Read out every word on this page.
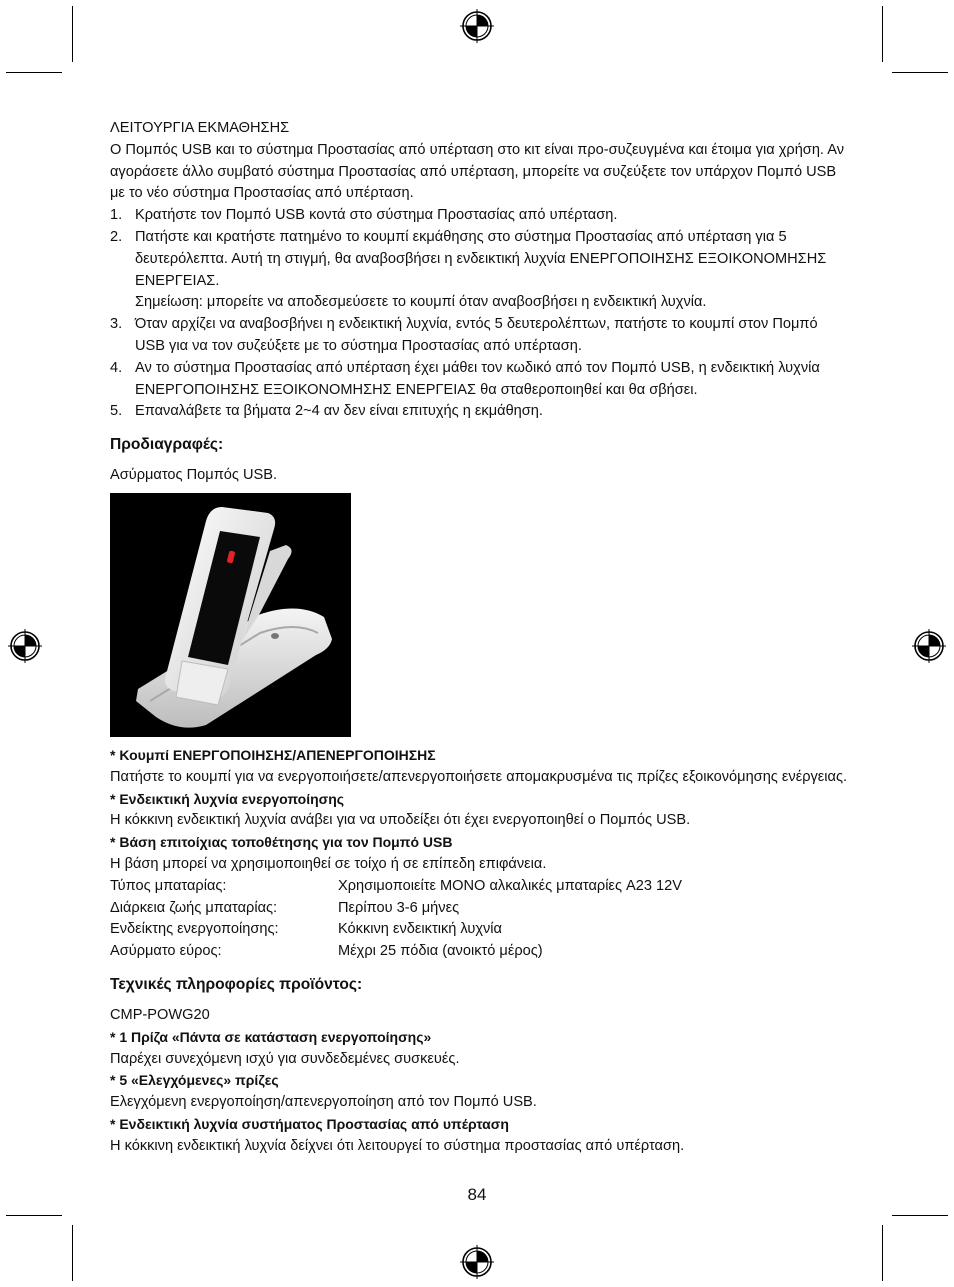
ΛΕΙΤΟΥΡΓΙΑ ΕΚΜΑΘΗΣΗΣ

Ο Πομπός USB και το σύστημα Προστασίας από υπέρταση στο κιτ είναι προ-συζευγμένα και έτοιμα για χρήση. Αν αγοράσετε άλλο συμβατό σύστημα Προστασίας από υπέρταση, μπορείτε να συζεύξετε τον υπάρχον Πομπό USB με το νέο σύστημα Προστασίας από υπέρταση.

1. Κρατήστε τον Πομπό USB κοντά στο σύστημα Προστασίας από υπέρταση.
2. Πατήστε και κρατήστε πατημένο το κουμπί εκμάθησης στο σύστημα Προστασίας από υπέρταση για 5 δευτερόλεπτα. Αυτή τη στιγμή, θα αναβοσβήσει η ενδεικτική λυχνία ΕΝΕΡΓΟΠΟΙΗΣΗΣ ΕΞΟΙΚΟΝΟΜΗΣΗΣ ΕΝΕΡΓΕΙΑΣ.
Σημείωση: μπορείτε να αποδεσμεύσετε το κουμπί όταν αναβοσβήσει η ενδεικτική λυχνία.
3. Όταν αρχίζει να αναβοσβήνει η ενδεικτική λυχνία, εντός 5 δευτερολέπτων, πατήστε το κουμπί στον Πομπό USB για να τον συζεύξετε με το σύστημα Προστασίας από υπέρταση.
4. Αν το σύστημα Προστασίας από υπέρταση έχει μάθει τον κωδικό από τον Πομπό USB, η ενδεικτική λυχνία ΕΝΕΡΓΟΠΟΙΗΣΗΣ ΕΞΟΙΚΟΝΟΜΗΣΗΣ ΕΝΕΡΓΕΙΑΣ θα σταθεροποιηθεί και θα σβήσει.
5. Επαναλάβετε τα βήματα 2~4 αν δεν είναι επιτυχής η εκμάθηση.
Προδιαγραφές:

Ασύρματος Πομπός USB.

* Κουμπί ΕΝΕΡΓΟΠΟΙΗΣΗΣ/ΑΠΕΝΕΡΓΟΠΟΙΗΣΗΣ

Πατήστε το κουμπί για να ενεργοποιήσετε/απενεργοποιήσετε απομακρυσμένα τις πρίζες εξοικονόμησης ενέργειας.

* Ενδεικτική λυχνία ενεργοποίησης

Η κόκκινη ενδεικτική λυχνία ανάβει για να υποδείξει ότι έχει ενεργοποιηθεί ο Πομπός USB.

* Βάση επιτοίχιας τοποθέτησης για τον Πομπό USB

Η βάση μπορεί να χρησιμοποιηθεί σε τοίχο ή σε επίπεδη επιφάνεια.

Τύπος μπαταρίας:	Χρησιμοποιείτε ΜΟΝΟ αλκαλικές μπαταρίες A23 12V
Διάρκεια ζωής μπαταρίας:	Περίπου 3-6 μήνες
Ενδείκτης ενεργοποίησης:	Κόκκινη ενδεικτική λυχνία
Ασύρματο εύρος:	Μέχρι 25 πόδια (ανοικτό μέρος)
Τεχνικές πληροφορίες προϊόντος:

CMP-POWG20

* 1 Πρίζα «Πάντα σε κατάσταση ενεργοποίησης»

Παρέχει συνεχόμενη ισχύ για συνδεδεμένες συσκευές.

* 5 «Ελεγχόμενες» πρίζες

Ελεγχόμενη ενεργοποίηση/απενεργοποίηση από τον Πομπό USB.

* Ενδεικτική λυχνία συστήματος Προστασίας από υπέρταση

Η κόκκινη ενδεικτική λυχνία δείχνει ότι λειτουργεί το σύστημα προστασίας από υπέρταση.

84
